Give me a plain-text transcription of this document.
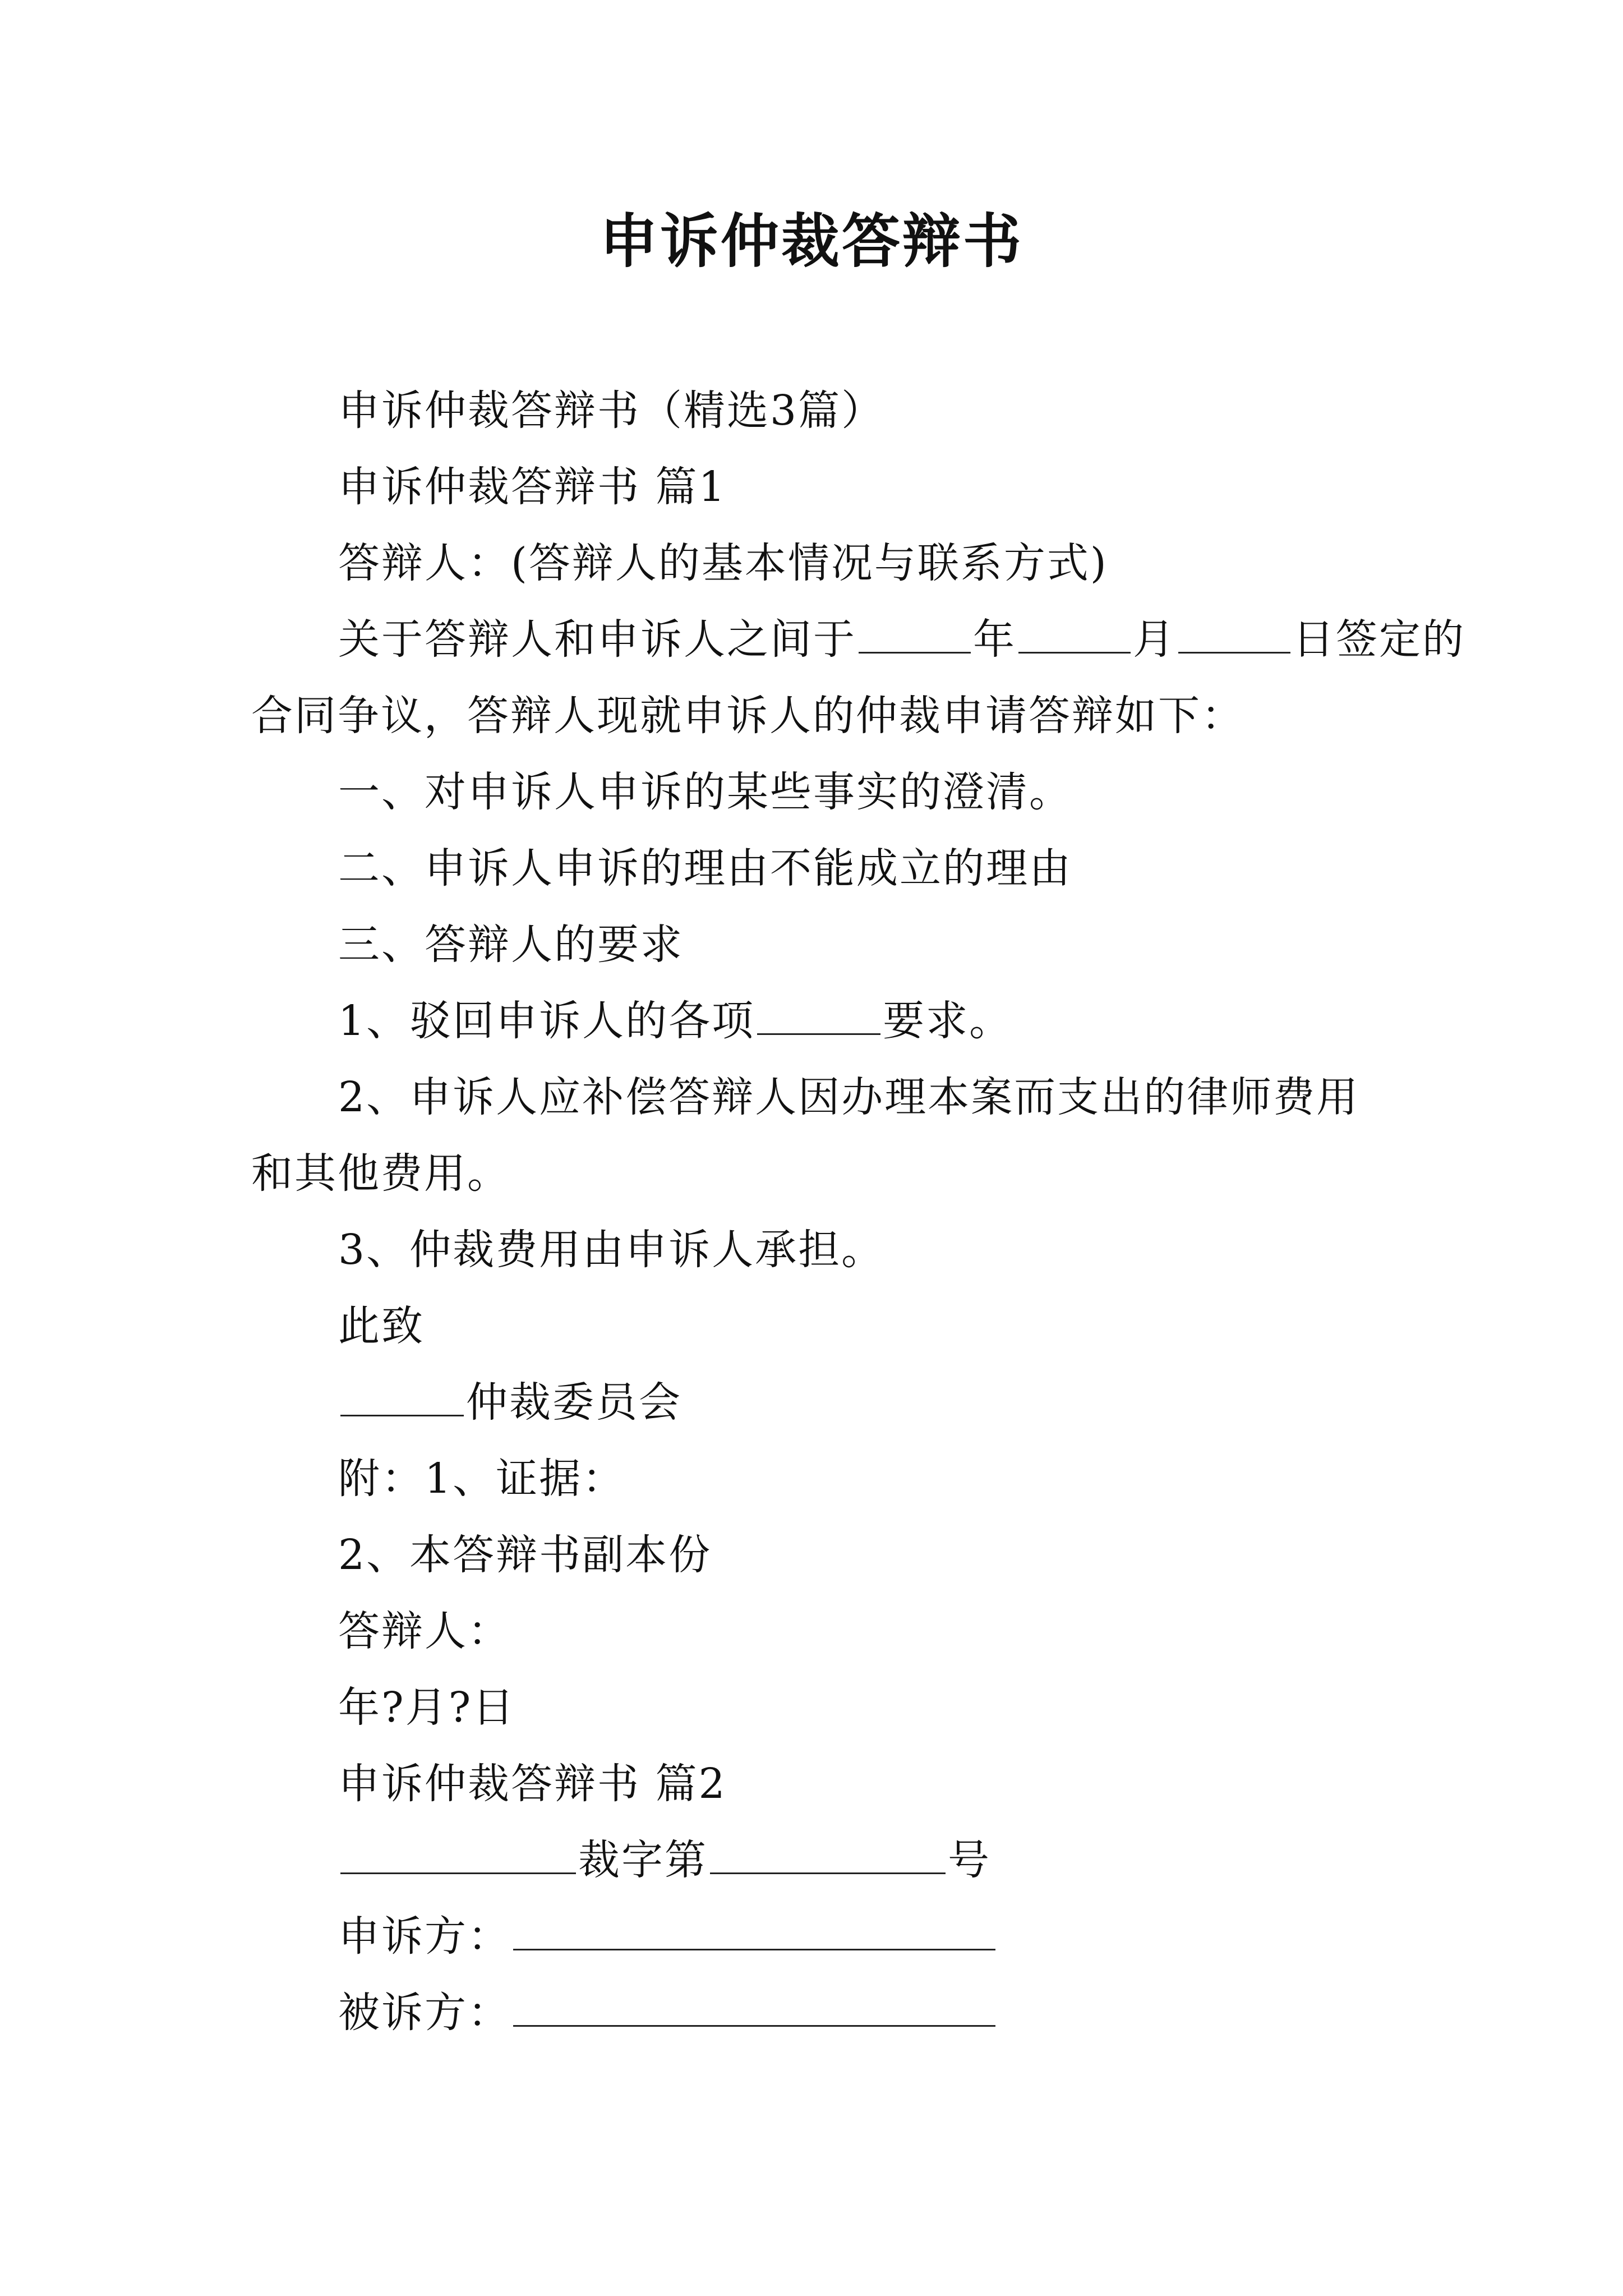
申诉仲裁答辩书

申诉仲裁答辩书（精选3篇）

申诉仲裁答辩书 篇1

答辩人：(答辩人的基本情况与联系方式)

关于答辩人和申诉人之间于	年	月	日签定的

合同争议，答辩人现就申诉人的仲裁申请答辩如下：

一、对申诉人申诉的某些事实的澄清。

二、申诉人申诉的理由不能成立的理由

三、答辩人的要求

1、驳回申诉人的各项	要求。

2、申诉人应补偿答辩人因办理本案而支出的律师费用

和其他费用。

3、仲裁费用由申诉人承担。

此致

仲裁委员会

附：1、证据：

2、本答辩书副本份

答辩人：

年?月?日

申诉仲裁答辩书 篇2

裁字第	号

申诉方：

被诉方：
